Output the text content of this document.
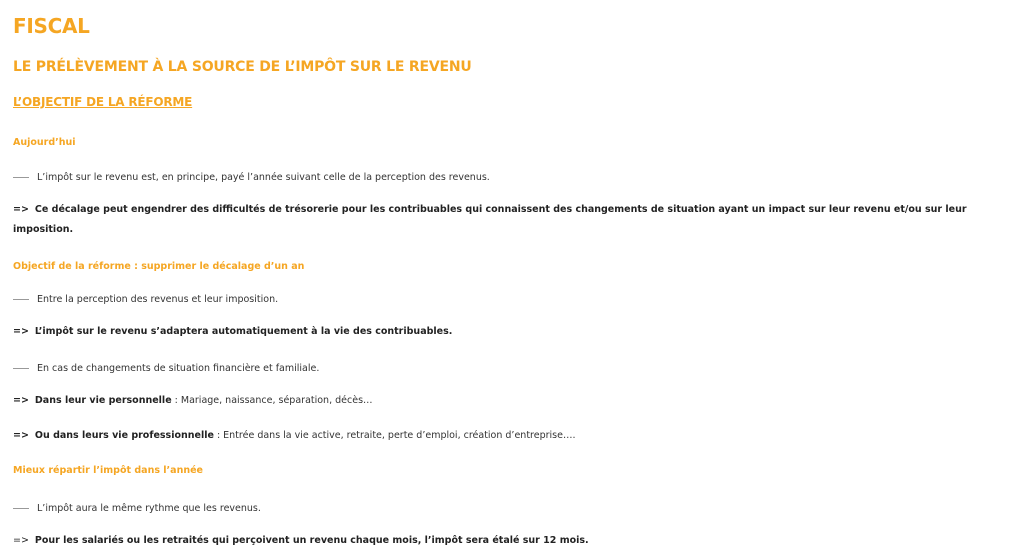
FISCAL
LE PRÉLÈVEMENT À LA SOURCE DE L’IMPÔT SUR LE REVENU
L’OBJECTIF DE LA RÉFORME
Aujourd’hui
L’impôt sur le revenu est, en principe, payé l’année suivant celle de la perception des revenus.
=> Ce décalage peut engendrer des difficultés de trésorerie pour les contribuables qui connaissent des changements de situation ayant un impact sur leur revenu et/ou sur leur imposition.
Objectif de la réforme : supprimer le décalage d’un an
Entre la perception des revenus et leur imposition.
=> L’impôt sur le revenu s’adaptera automatiquement à la vie des contribuables.
En cas de changements de situation financière et familiale.
=> Dans leur vie personnelle : Mariage, naissance, séparation, décès…
=> Ou dans leurs vie professionnelle : Entrée dans la vie active, retraite, perte d’emploi, création d’entreprise….
Mieux répartir l’impôt dans l’année
L’impôt aura le même rythme que les revenus.
=> Pour les salariés ou les retraités qui perçoivent un revenu chaque mois, l’impôt sera étalé sur 12 mois.
